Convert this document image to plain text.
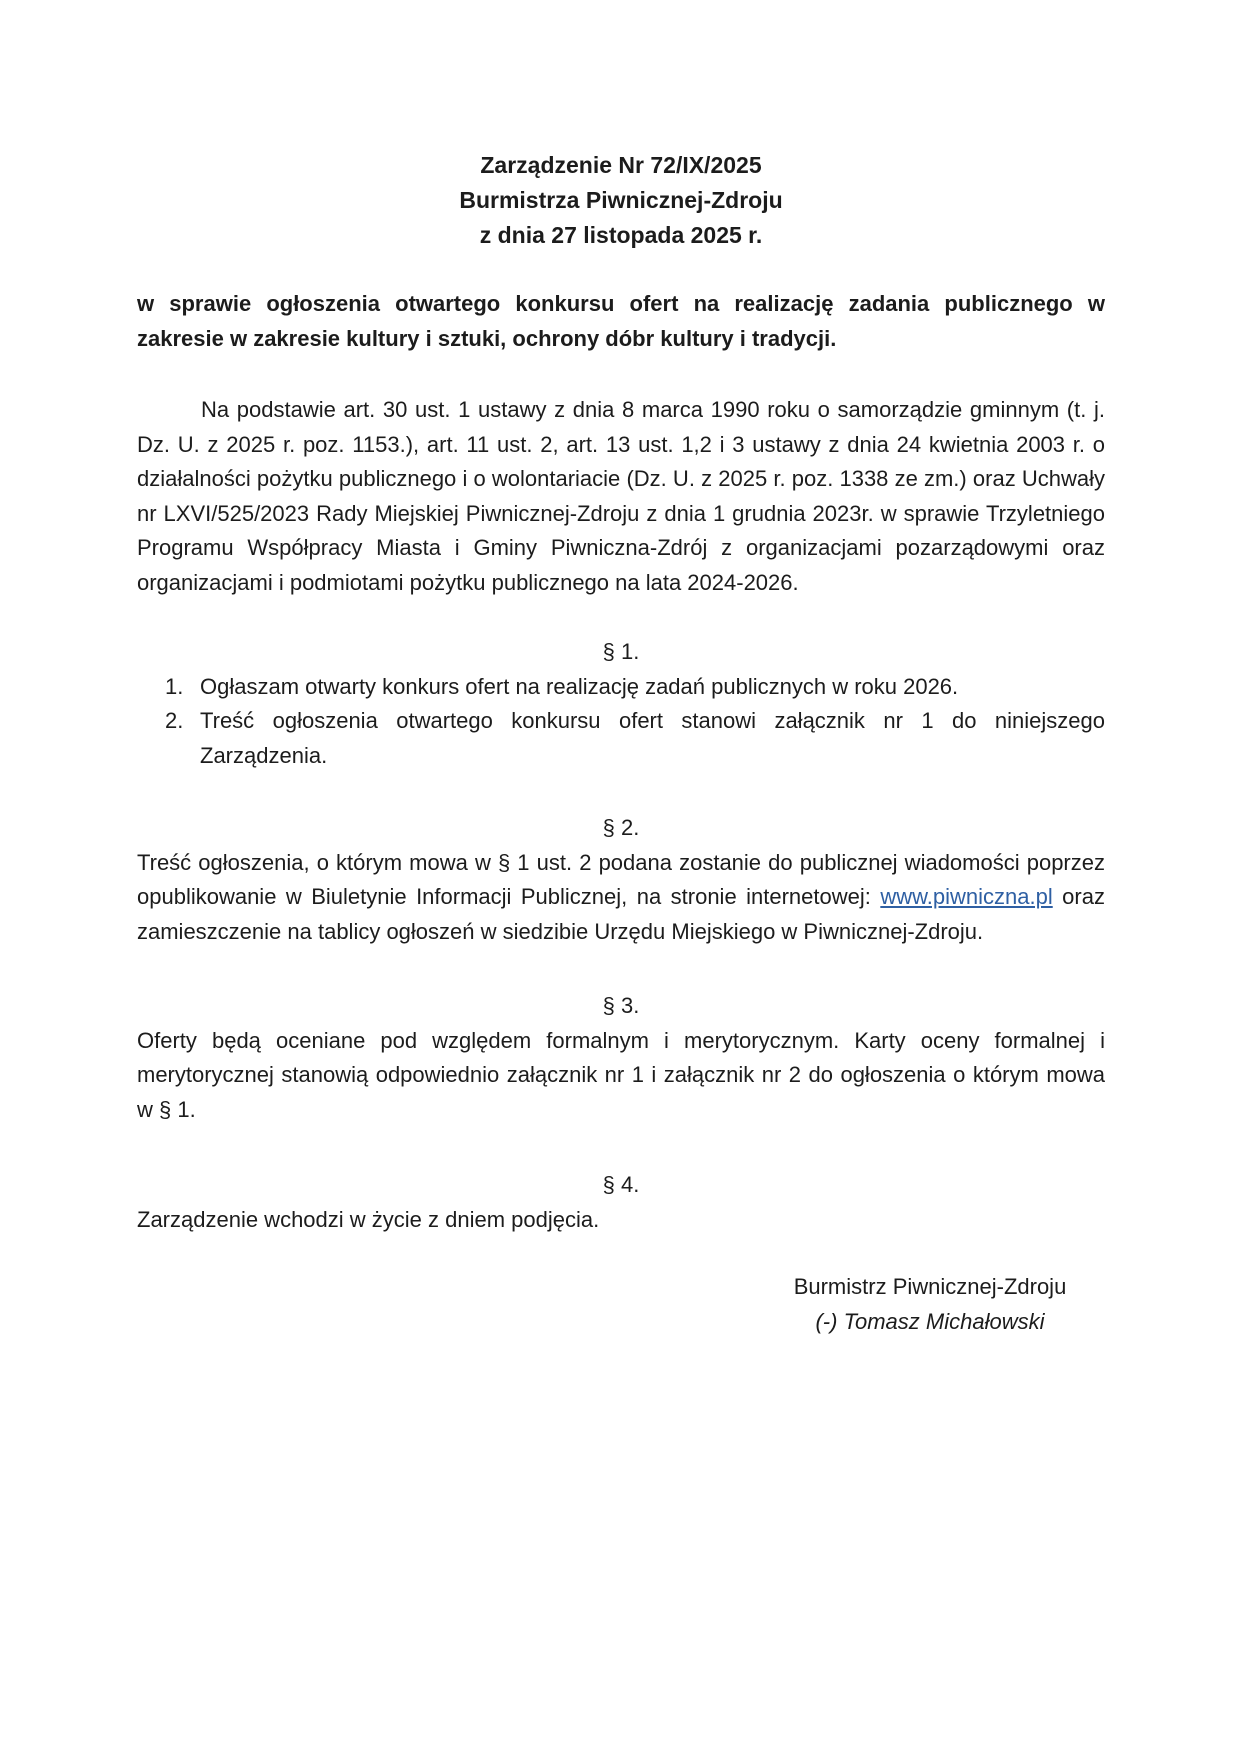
Zarządzenie Nr 72/IX/2025

Burmistrza Piwnicznej-Zdroju

z dnia 27 listopada 2025 r.

w sprawie ogłoszenia otwartego konkursu ofert na realizację zadania publicznego w zakresie w zakresie kultury i sztuki, ochrony dóbr kultury i tradycji.

Na podstawie art. 30 ust. 1 ustawy z dnia 8 marca 1990 roku o samorządzie gminnym (t. j. Dz. U. z 2025 r. poz. 1153.), art. 11 ust. 2, art. 13 ust. 1,2 i 3 ustawy z dnia 24 kwietnia 2003 r. o działalności pożytku publicznego i o wolontariacie (Dz. U. z 2025 r. poz. 1338 ze zm.) oraz Uchwały nr LXVI/525/2023 Rady Miejskiej Piwnicznej-Zdroju z dnia 1 grudnia 2023r. w sprawie Trzyletniego Programu Współpracy Miasta i Gminy Piwniczna-Zdrój z organizacjami pozarządowymi oraz organizacjami i podmiotami pożytku publicznego na lata 2024-2026.

§ 1.

Ogłaszam otwarty konkurs ofert na realizację zadań publicznych w roku 2026.
Treść ogłoszenia otwartego konkursu ofert stanowi załącznik nr 1 do niniejszego Zarządzenia.

§ 2.

Treść ogłoszenia, o którym mowa w § 1 ust. 2 podana zostanie do publicznej wiadomości poprzez opublikowanie w Biuletynie Informacji Publicznej, na stronie internetowej: www.piwniczna.pl oraz zamieszczenie na tablicy ogłoszeń w siedzibie Urzędu Miejskiego w Piwnicznej-Zdroju.

§ 3.

Oferty będą oceniane pod względem formalnym i merytorycznym. Karty oceny formalnej i merytorycznej stanowią odpowiednio załącznik nr 1 i załącznik nr 2 do ogłoszenia o którym mowa w § 1.

§ 4.

Zarządzenie wchodzi w życie z dniem podjęcia.

Burmistrz Piwnicznej-Zdroju

(-) Tomasz Michałowski
